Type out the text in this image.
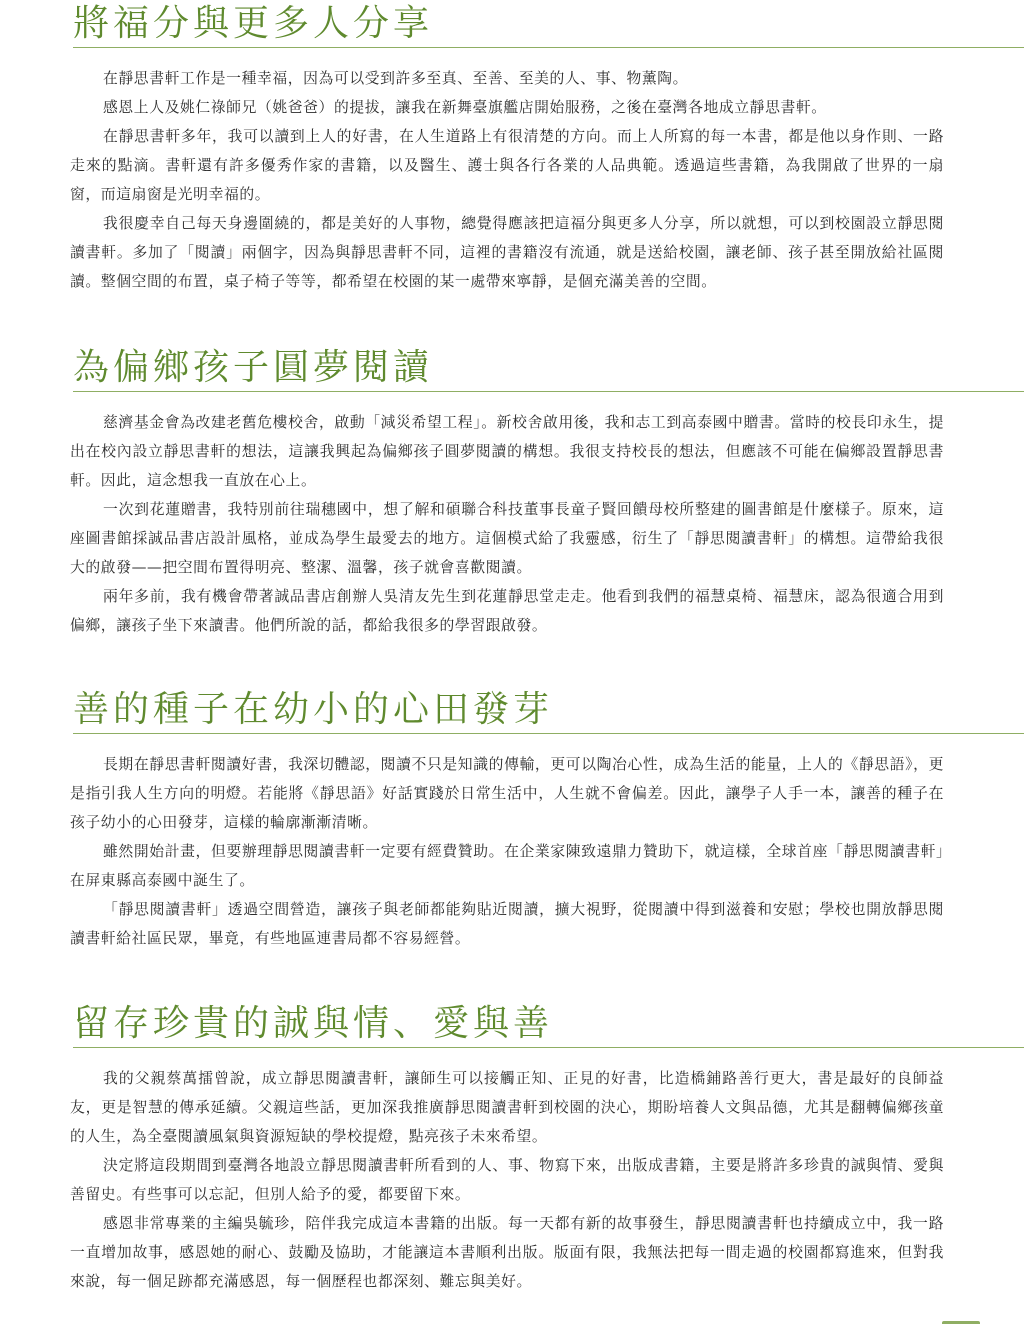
將福分與更多人分享

在靜思書軒工作是一種幸福，因為可以受到許多至真、至善、至美的人、事、物薰陶。

感恩上人及姚仁祿師兄（姚爸爸）的提拔，讓我在新舞臺旗艦店開始服務，之後在臺灣各地成立靜思書軒。

在靜思書軒多年，我可以讀到上人的好書，在人生道路上有很清楚的方向。而上人所寫的每一本書，都是他以身作則、一路走來的點滴。書軒還有許多優秀作家的書籍，以及醫生、護士與各行各業的人品典範。透過這些書籍，為我開啟了世界的一扇窗，而這扇窗是光明幸福的。

我很慶幸自己每天身邊圍繞的，都是美好的人事物，總覺得應該把這福分與更多人分享，所以就想，可以到校園設立靜思閱讀書軒。多加了「閱讀」兩個字，因為與靜思書軒不同，這裡的書籍沒有流通，就是送給校園，讓老師、孩子甚至開放給社區閱讀。整個空間的布置，桌子椅子等等，都希望在校園的某一處帶來寧靜，是個充滿美善的空間。

為偏鄉孩子圓夢閱讀

慈濟基金會為改建老舊危樓校舍，啟動「減災希望工程」。新校舍啟用後，我和志工到高泰國中贈書。當時的校長印永生，提出在校內設立靜思書軒的想法，這讓我興起為偏鄉孩子圓夢閱讀的構想。我很支持校長的想法，但應該不可能在偏鄉設置靜思書軒。因此，這念想我一直放在心上。

一次到花蓮贈書，我特別前往瑞穗國中，想了解和碩聯合科技董事長童子賢回饋母校所整建的圖書館是什麼樣子。原來，這座圖書館採誠品書店設計風格，並成為學生最愛去的地方。這個模式給了我靈感，衍生了「靜思閱讀書軒」的構想。這帶給我很大的啟發——把空間布置得明亮、整潔、溫馨，孩子就會喜歡閱讀。

兩年多前，我有機會帶著誠品書店創辦人吳清友先生到花蓮靜思堂走走。他看到我們的福慧桌椅、福慧床，認為很適合用到偏鄉，讓孩子坐下來讀書。他們所說的話，都給我很多的學習跟啟發。

善的種子在幼小的心田發芽

長期在靜思書軒閱讀好書，我深切體認，閱讀不只是知識的傳輸，更可以陶冶心性，成為生活的能量，上人的《靜思語》，更是指引我人生方向的明燈。若能將《靜思語》好話實踐於日常生活中，人生就不會偏差。因此，讓學子人手一本，讓善的種子在孩子幼小的心田發芽，這樣的輪廓漸漸清晰。

雖然開始計畫，但要辦理靜思閱讀書軒一定要有經費贊助。在企業家陳致遠鼎力贊助下，就這樣，全球首座「靜思閱讀書軒」在屏東縣高泰國中誕生了。

「靜思閱讀書軒」透過空間營造，讓孩子與老師都能夠貼近閱讀，擴大視野，從閱讀中得到滋養和安慰；學校也開放靜思閱讀書軒給社區民眾，畢竟，有些地區連書局都不容易經營。

留存珍貴的誠與情、愛與善

我的父親蔡萬擂曾說，成立靜思閱讀書軒，讓師生可以接觸正知、正見的好書，比造橋鋪路善行更大，書是最好的良師益友，更是智慧的傳承延續。父親這些話，更加深我推廣靜思閱讀書軒到校園的決心，期盼培養人文與品德，尤其是翻轉偏鄉孩童的人生，為全臺閱讀風氣與資源短缺的學校提燈，點亮孩子未來希望。

決定將這段期間到臺灣各地設立靜思閱讀書軒所看到的人、事、物寫下來，出版成書籍，主要是將許多珍貴的誠與情、愛與善留史。有些事可以忘記，但別人給予的愛，都要留下來。

感恩非常專業的主編吳毓珍，陪伴我完成這本書籍的出版。每一天都有新的故事發生，靜思閱讀書軒也持續成立中，我一路一直增加故事，感恩她的耐心、鼓勵及協助，才能讓這本書順利出版。版面有限，我無法把每一間走過的校園都寫進來，但對我來說，每一個足跡都充滿感恩，每一個歷程也都深刻、難忘與美好。
